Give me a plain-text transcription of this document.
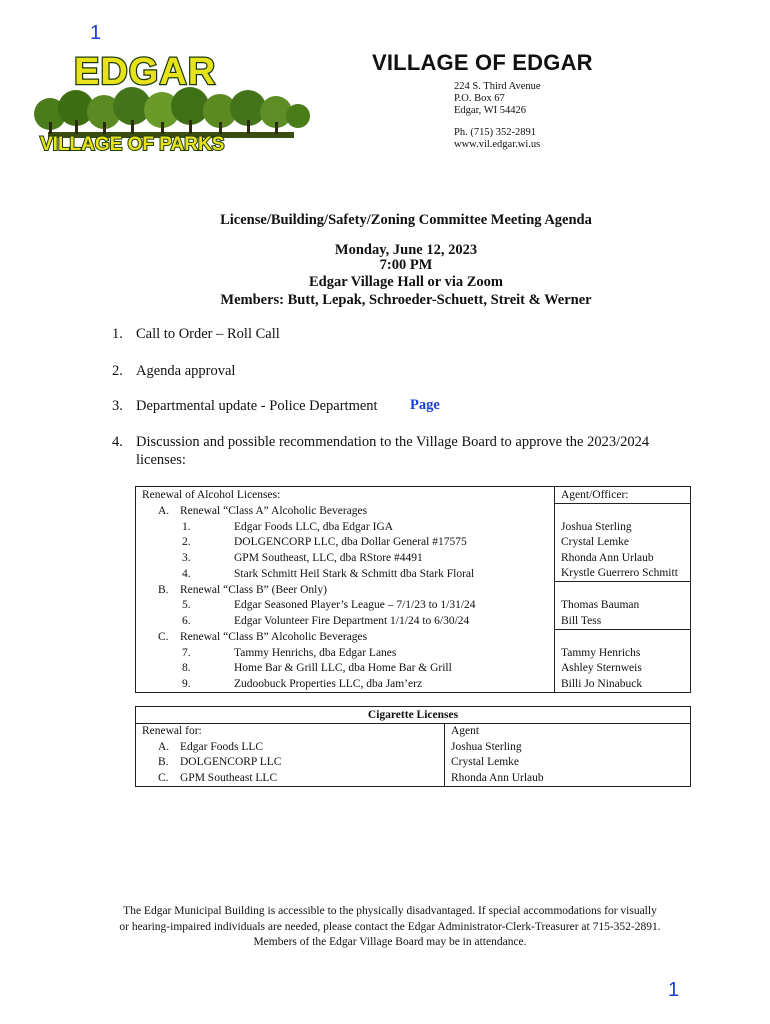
1
EDGAR
VILLAGE OF PARKS
VILLAGE OF EDGAR
224 S. Third Avenue
P.O. Box 67
Edgar, WI 54426
Ph. (715) 352-2891
www.vil.edgar.wi.us
License/Building/Safety/Zoning Committee Meeting Agenda
Monday, June 12, 2023
7:00 PM
Edgar Village Hall or via Zoom
Members: Butt, Lepak, Schroeder-Schuett, Streit & Werner
1. Call to Order – Roll Call
2. Agenda approval
3. Departmental update - Police Department Page
4. Discussion and possible recommendation to the Village Board to approve the 2023/2024
licenses:
Renewal of Alcohol Licenses:	Agent/Officer:
A. Renewal “Class A” Alcoholic Beverages	
1. Edgar Foods LLC, dba Edgar IGA	Joshua Sterling
2. DOLGENCORP LLC, dba Dollar General #17575	Crystal Lemke
3. GPM Southeast, LLC, dba RStore #4491	Rhonda Ann Urlaub
4. Stark Schmitt Heil Stark & Schmitt dba Stark Floral	Krystle Guerrero Schmitt
B. Renewal “Class B” (Beer Only)	
5. Edgar Seasoned Player’s League – 7/1/23 to 1/31/24	Thomas Bauman
6. Edgar Volunteer Fire Department 1/1/24 to 6/30/24	Bill Tess
C. Renewal “Class B” Alcoholic Beverages	
7. Tammy Henrichs, dba Edgar Lanes	Tammy Henrichs
8. Home Bar & Grill LLC, dba Home Bar & Grill	Ashley Sternweis
9. Zudoobuck Properties LLC, dba Jam’erz	Billi Jo Ninabuck
Cigarette Licenses	
Renewal for:	Agent
A. Edgar Foods LLC	Joshua Sterling
B. DOLGENCORP LLC	Crystal Lemke
C. GPM Southeast LLC	Rhonda Ann Urlaub
The Edgar Municipal Building is accessible to the physically disadvantaged. If special accommodations for visually
or hearing-impaired individuals are needed, please contact the Edgar Administrator-Clerk-Treasurer at 715-352-2891.
Members of the Edgar Village Board may be in attendance.
1
